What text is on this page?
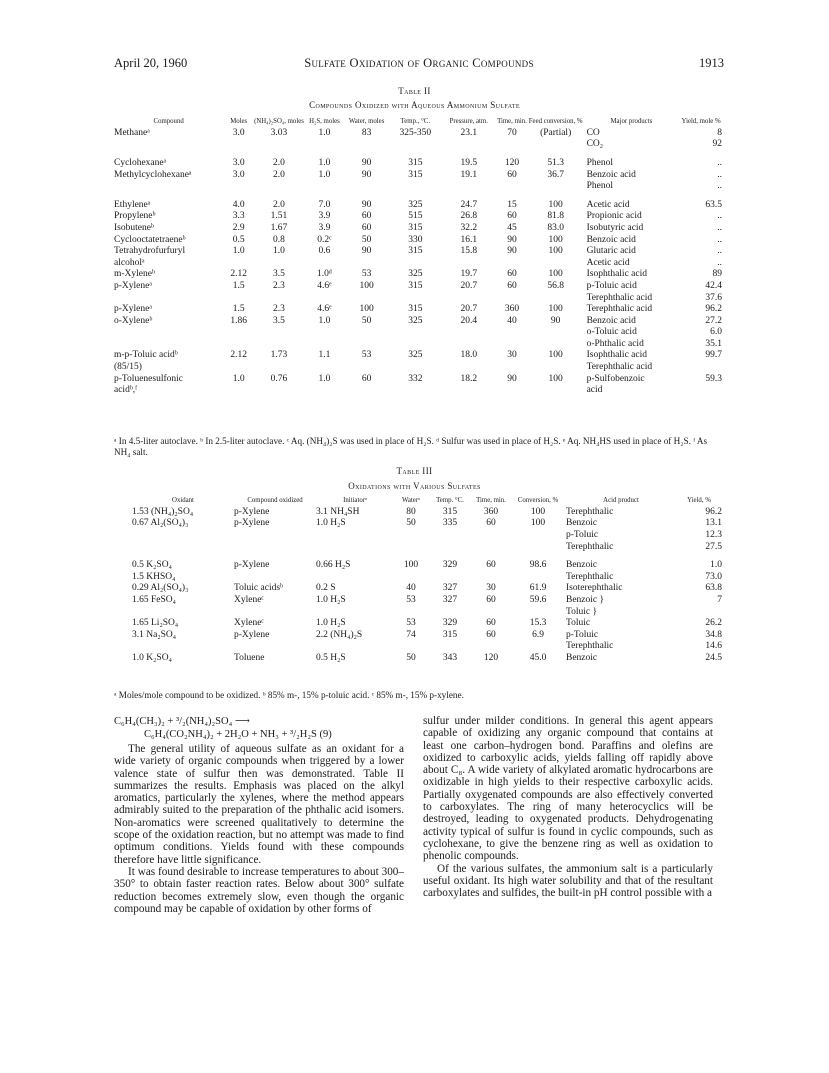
April 20, 1960	Sulfate Oxidation of Organic Compounds	1913
Table II
Compounds Oxidized with Aqueous Ammonium Sulfate
Compound	Moles	(NH₄)₂SO₄, moles	H₂S, moles	Water, moles	Temp., °C.	Pressure, atm.	Time, min.	Feed conversion, %	Major products	Yield, mole %
Methaneᵃ	3.0	3.03	1.0	83	325-350	23.1	70	(Partial)	CO	8
									CO₂	92
Cyclohexaneᵃ	3.0	2.0	1.0	90	315	19.5	120	51.3	Phenol	..
Methylcyclohexaneᵃ	3.0	2.0	1.0	90	315	19.1	60	36.7	Benzoic acid	..
									Phenol	..
Ethyleneᵃ	4.0	2.0	7.0	90	325	24.7	15	100	Acetic acid	63.5
Propyleneᵇ	3.3	1.51	3.9	60	515	26.8	60	81.8	Propionic acid	..
Isobuteneᵇ	2.9	1.67	3.9	60	315	32.2	45	83.0	Isobutyric acid	..
Cyclooctatetraeneᵇ	0.5	0.8	0.2ᶜ	50	330	16.1	90	100	Benzoic acid	..
Tetrahydrofurfuryl	1.0	1.0	0.6	90	315	15.8	90	100	Glutaric acid	..
alcoholᵃ									Acetic acid	..
m-Xyleneᵇ	2.12	3.5	1.0ᵈ	53	325	19.7	60	100	Isophthalic acid	89
p-Xyleneᵃ	1.5	2.3	4.6ᵉ	100	315	20.7	60	56.8	p-Toluic acid	42.4
									Terephthalic acid	37.6
p-Xyleneᵃ	1.5	2.3	4.6ᵉ	100	315	20.7	360	100	Terephthalic acid	96.2
o-Xyleneᵇ	1.86	3.5	1.0	50	325	20.4	40	90	Benzoic acid	27.2
									o-Toluic acid	6.0
									o-Phthalic acid	35.1
m-p-Toluic acidᵇ	2.12	1.73	1.1	53	325	18.0	30	100	Isophthalic acid	99.7
(85/15)									Terephthalic acid	
p-Toluenesulfonic	1.0	0.76	1.0	60	332	18.2	90	100	p-Sulfobenzoic	59.3
acidᵇ,ᶠ									acid	
ᵃ In 4.5-liter autoclave. ᵇ In 2.5-liter autoclave. ᶜ Aq. (NH₄)₂S was used in place of H₂S. ᵈ Sulfur was used in place of H₂S. ᵉ Aq. NH₄HS used in place of H₂S. ᶠ As NH₄ salt.
Table III
Oxidations with Various Sulfates
Oxidant	Compound oxidized	Initiatorᵃ	Waterᵃ	Temp. °C.	Time, min.	Conversion, %	Acid product	Yield, %
1.53 (NH₄)₂SO₄	p-Xylene	3.1 NH₄SH	80	315	360	100	Terephthalic	96.2
0.67 Al₂(SO₄)₃	p-Xylene	1.0 H₂S	50	335	60	100	Benzoic	13.1
							p-Toluic	12.3
							Terephthalic	27.5
0.5 K₂SO₄	p-Xylene	0.66 H₂S	100	329	60	98.6	Benzoic	1.0
1.5 KHSO₄							Terephthalic	73.0
0.29 Al₂(SO₄)₃	Toluic acidsᵇ	0.2 S	40	327	30	61.9	Isoterephthalic	63.8
1.65 FeSO₄	Xyleneᶜ	1.0 H₂S	53	327	60	59.6	Benzoic }	7
							Toluic }	
1.65 Li₂SO₄	Xyleneᶜ	1.0 H₂S	53	329	60	15.3	Toluic	26.2
3.1 Na₂SO₄	p-Xylene	2.2 (NH₄)₂S	74	315	60	6.9	p-Toluic	34.8
							Terephthalic	14.6
1.0 K₂SO₄	Toluene	0.5 H₂S	50	343	120	45.0	Benzoic	24.5
ᵃ Moles/mole compound to be oxidized. ᵇ 85% m-, 15% p-toluic acid. ᶜ 85% m-, 15% p-xylene.
C₆H₄(CH₃)₂ + ³/₂(NH₄)₂SO₄ ⟶
C₆H₄(CO₂NH₄)₂ + 2H₂O + NH₃ + ³/₂H₂S (9)

The general utility of aqueous sulfate as an oxidant for a wide variety of organic compounds when triggered by a lower valence state of sulfur then was demonstrated. Table II summarizes the results. Emphasis was placed on the alkyl aromatics, particularly the xylenes, where the method appears admirably suited to the preparation of the phthalic acid isomers. Non-aromatics were screened qualitatively to determine the scope of the oxidation reaction, but no attempt was made to find optimum conditions. Yields found with these compounds therefore have little significance.

It was found desirable to increase temperatures to about 300–350° to obtain faster reaction rates. Below about 300° sulfate reduction becomes extremely slow, even though the organic compound may be capable of oxidation by other forms of

sulfur under milder conditions. In general this agent appears capable of oxidizing any organic compound that contains at least one carbon–hydrogen bond. Paraffins and olefins are oxidized to carboxylic acids, yields falling off rapidly above about C₈. A wide variety of alkylated aromatic hydrocarbons are oxidizable in high yields to their respective carboxylic acids. Partially oxygenated compounds are also effectively converted to carboxylates. The ring of many heterocyclics will be destroyed, leading to oxygenated products. Dehydrogenating activity typical of sulfur is found in cyclic compounds, such as cyclohexane, to give the benzene ring as well as oxidation to phenolic compounds.

Of the various sulfates, the ammonium salt is a particularly useful oxidant. Its high water solubility and that of the resultant carboxylates and sulfides, the built-in pH control possible with a
